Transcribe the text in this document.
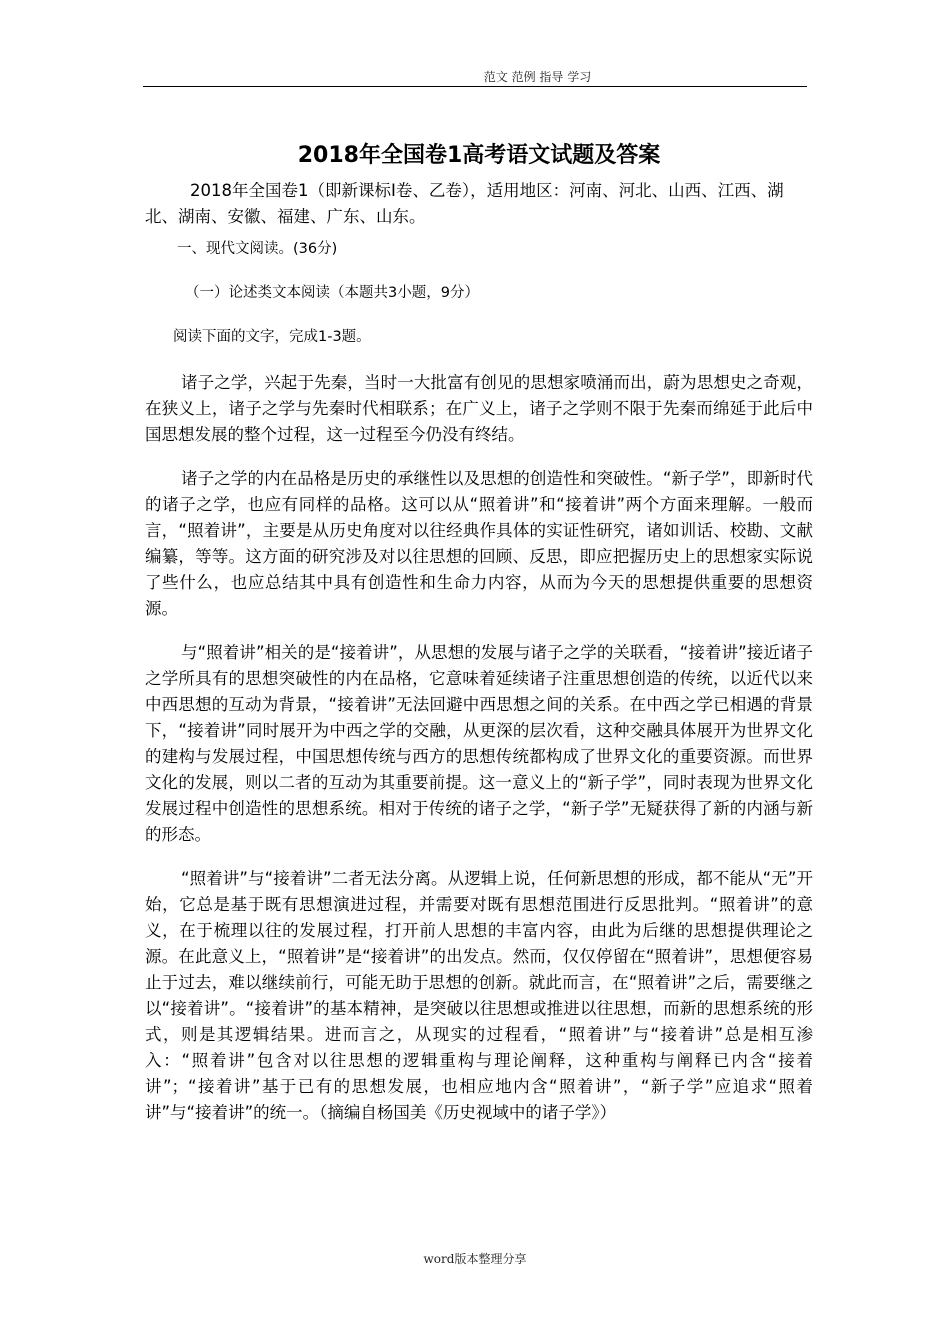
范文 范例 指导 学习
2018年全国卷1高考语文试题及答案

2018年全国卷1（即新课标Ⅰ卷、乙卷），适用地区：河南、河北、山西、江西、湖北、湖南、安徽、福建、广东、山东。

一、现代文阅读。(36分)

（一）论述类文本阅读（本题共3小题，9分）

阅读下面的文字，完成1-3题。

诸子之学，兴起于先秦，当时一大批富有创见的思想家喷涌而出，蔚为思想史之奇观，在狭义上，诸子之学与先秦时代相联系；在广义上，诸子之学则不限于先秦而绵延于此后中国思想发展的整个过程，这一过程至今仍没有终结。

诸子之学的内在品格是历史的承继性以及思想的创造性和突破性。“新子学”，即新时代的诸子之学，也应有同样的品格。这可以从“照着讲”和“接着讲”两个方面来理解。一般而言，“照着讲”，主要是从历史角度对以往经典作具体的实证性研究，诸如训话、校勘、文献编纂，等等。这方面的研究涉及对以往思想的回顾、反思，即应把握历史上的思想家实际说了些什么，也应总结其中具有创造性和生命力内容，从而为今天的思想提供重要的思想资源。

与“照着讲”相关的是“接着讲”，从思想的发展与诸子之学的关联看，“接着讲”接近诸子之学所具有的思想突破性的内在品格，它意味着延续诸子注重思想创造的传统，以近代以来中西思想的互动为背景，“接着讲”无法回避中西思想之间的关系。在中西之学已相遇的背景下，“接着讲”同时展开为中西之学的交融，从更深的层次看，这种交融具体展开为世界文化的建构与发展过程，中国思想传统与西方的思想传统都构成了世界文化的重要资源。而世界文化的发展，则以二者的互动为其重要前提。这一意义上的“新子学”，同时表现为世界文化发展过程中创造性的思想系统。相对于传统的诸子之学，“新子学”无疑获得了新的内涵与新的形态。

“照着讲”与“接着讲”二者无法分离。从逻辑上说，任何新思想的形成，都不能从“无”开始，它总是基于既有思想演进过程，并需要对既有思想范围进行反思批判。“照着讲”的意义，在于梳理以往的发展过程，打开前人思想的丰富内容，由此为后继的思想提供理论之源。在此意义上，“照着讲”是“接着讲”的出发点。然而，仅仅停留在“照着讲”，思想便容易止于过去，难以继续前行，可能无助于思想的创新。就此而言，在“照着讲”之后，需要继之以“接着讲”。“接着讲”的基本精神，是突破以往思想或推进以往思想，而新的思想系统的形式，则是其逻辑结果。进而言之，从现实的过程看，“照着讲”与“接着讲”总是相互渗入：“照着讲”包含对以往思想的逻辑重构与理论阐释，这种重构与阐释已内含“接着讲”；“接着讲”基于已有的思想发展，也相应地内含“照着讲”，“新子学”应追求“照着讲”与“接着讲”的统一。（摘编自杨国美《历史视域中的诸子学》）

word版本整理分享
